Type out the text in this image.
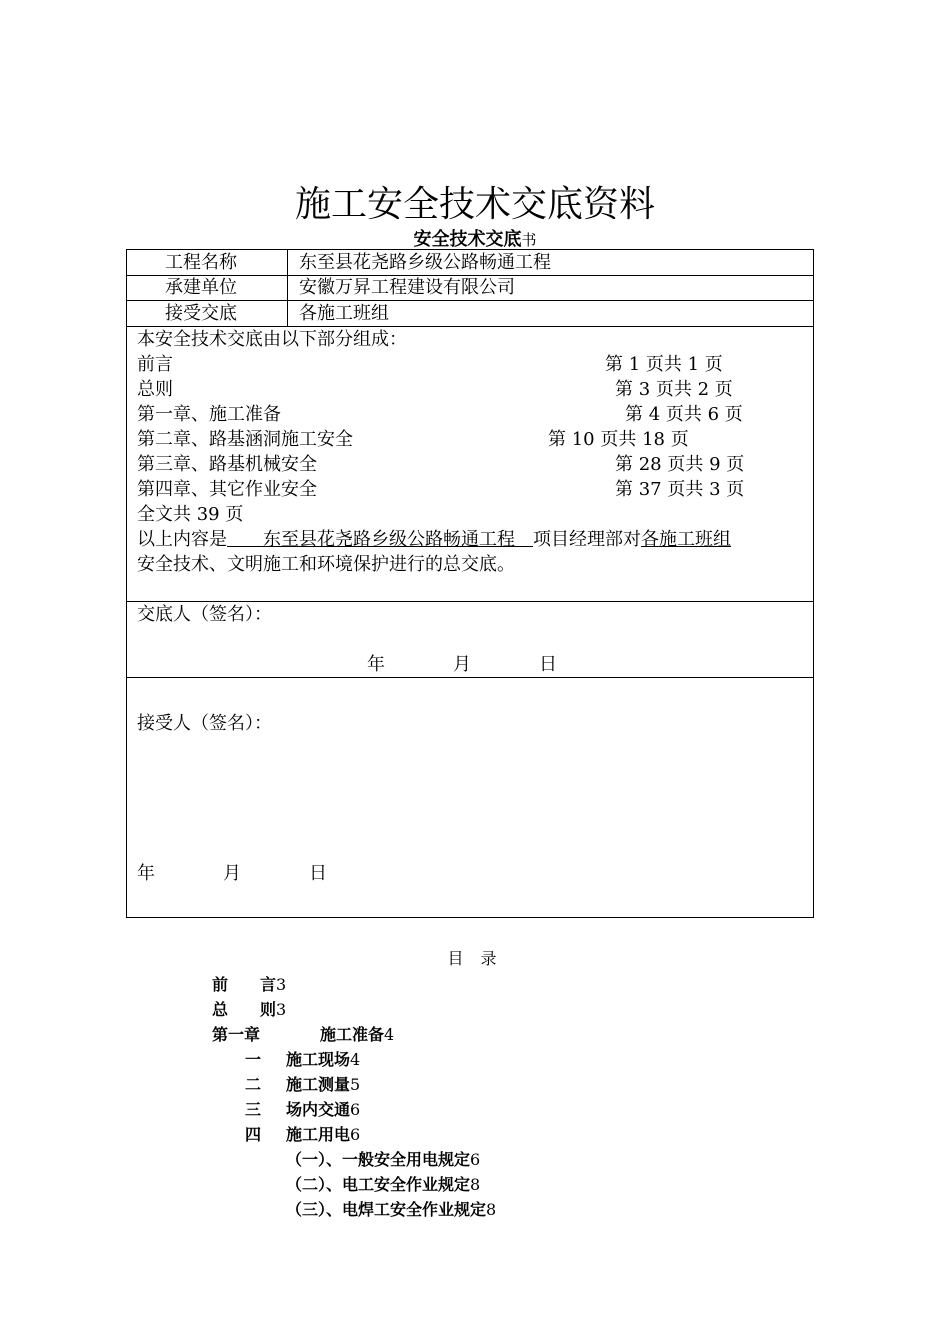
施工安全技术交底资料
安全技术交底书
工程名称	东至县花尧路乡级公路畅通工程
承建单位	安徽万昇工程建设有限公司
接受交底	各施工班组
本安全技术交底由以下部分组成：
前言	第 1 页共 1 页
总则	第 3 页共 2 页
第一章、施工准备	第 4 页共 6 页
第二章、路基涵洞施工安全	第 10 页共 18 页
第三章、路基机械安全	第 28 页共 9 页
第四章、其它作业安全	第 37 页共 3 页
全文共 39 页
以上内容是　　东至县花尧路乡级公路畅通工程　项目经理部对各施工班组
安全技术、文明施工和环境保护进行的总交底。
交底人（签名）：
年	月	日
接受人（签名）：
年	月	日
目 录
前　　言3
总　　则3
第一章	施工准备4
一 施工现场4
二 施工测量5
三 场内交通6
四 施工用电6
（一）、一般安全用电规定6
（二）、电工安全作业规定8
（三）、电焊工安全作业规定8
